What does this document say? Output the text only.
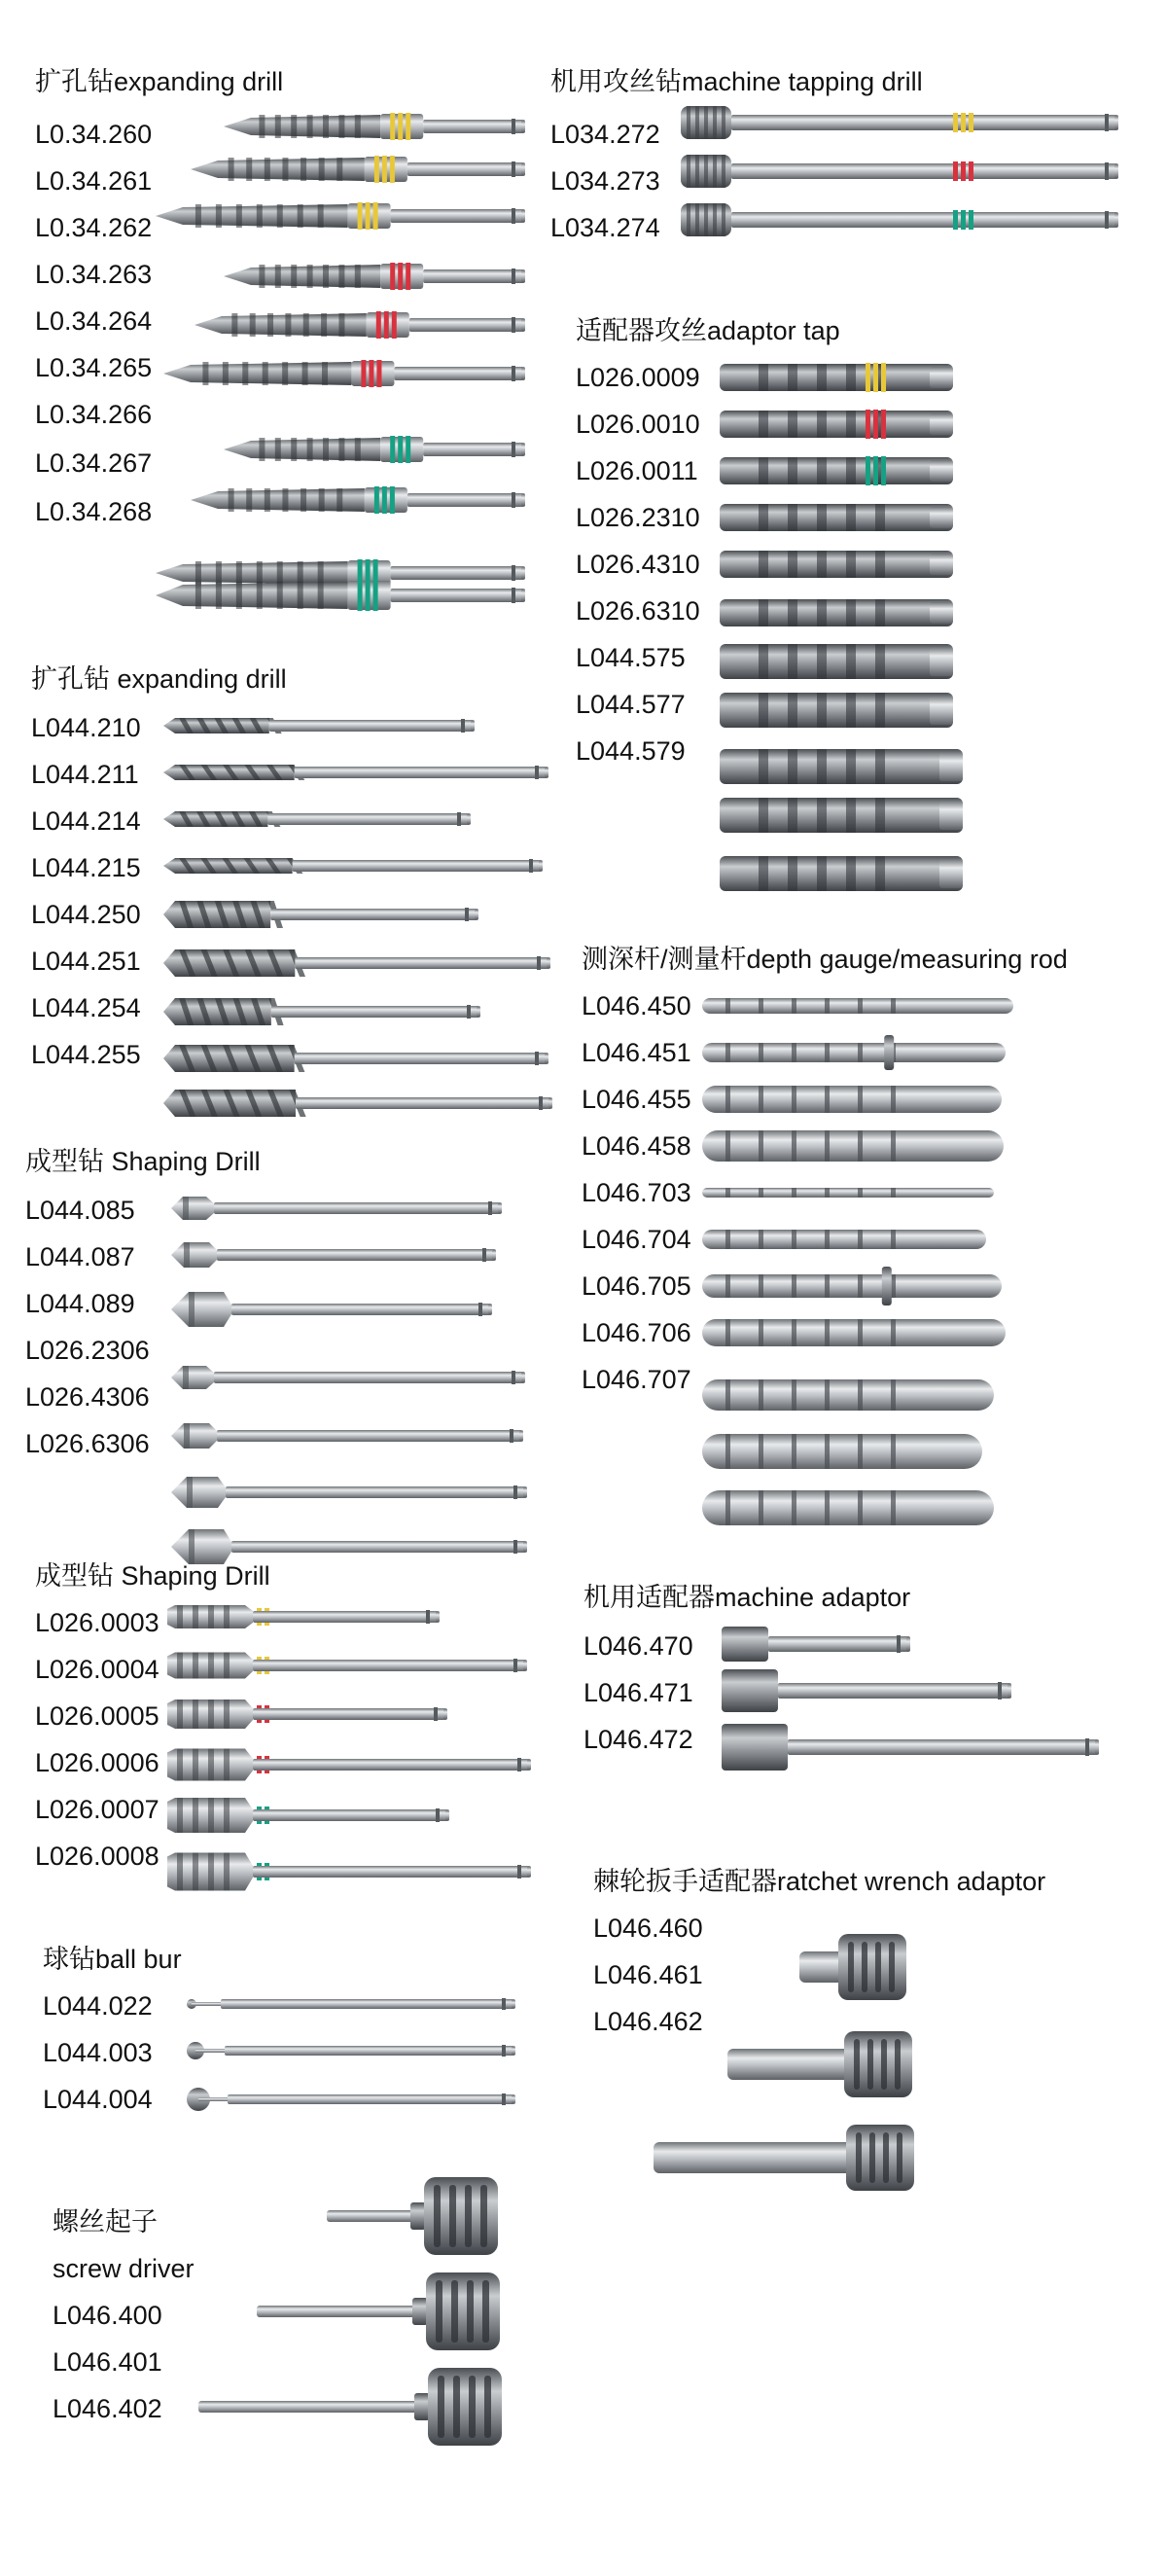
扩孔钻expanding drill
L0.34.260
L0.34.261
L0.34.262
L0.34.263
L0.34.264
L0.34.265
L0.34.266
L0.34.267
L0.34.268
机用攻丝钻machine tapping drill
L034.272
L034.273
L034.274
适配器攻丝adaptor tap
L026.0009
L026.0010
L026.0011
L026.2310
L026.4310
L026.6310
L044.575
L044.577
L044.579
扩孔钻 expanding drill
L044.210
L044.211
L044.214
L044.215
L044.250
L044.251
L044.254
L044.255
测深杆/测量杆depth gauge/measuring rod
L046.450
L046.451
L046.455
L046.458
L046.703
L046.704
L046.705
L046.706
L046.707
成型钻 Shaping Drill
L044.085
L044.087
L044.089
L026.2306
L026.4306
L026.6306
成型钻 Shaping Drill
L026.0003
L026.0004
L026.0005
L026.0006
L026.0007
L026.0008
机用适配器machine adaptor
L046.470
L046.471
L046.472
球钻ball bur
L044.022
L044.003
L044.004
棘轮扳手适配器ratchet wrench adaptor
L046.460
L046.461
L046.462
螺丝起子
screw driver
L046.400
L046.401
L046.402
